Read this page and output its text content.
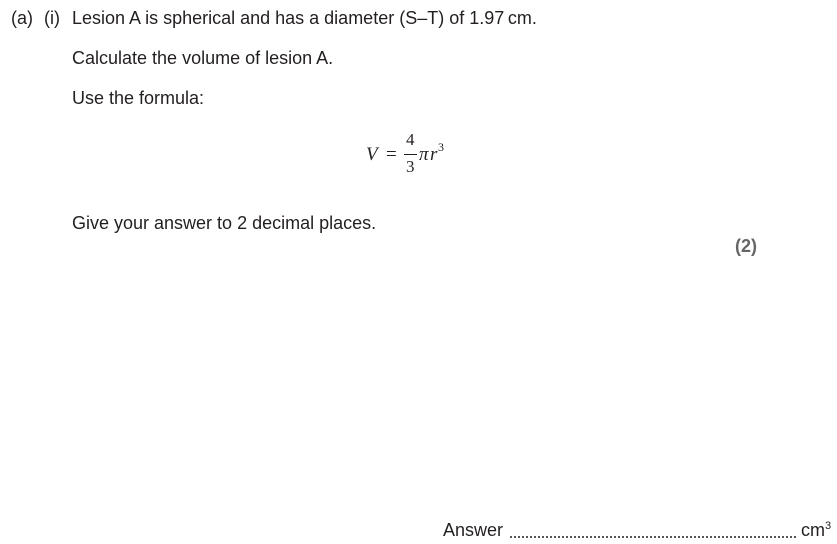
(a) (i) Lesion A is spherical and has a diameter (S–T) of 1.97 cm.
Calculate the volume of lesion A.
Use the formula:
V =
4
3
π r 3
Give your answer to 2 decimal places.
(2)
Answer	$cm^3$
